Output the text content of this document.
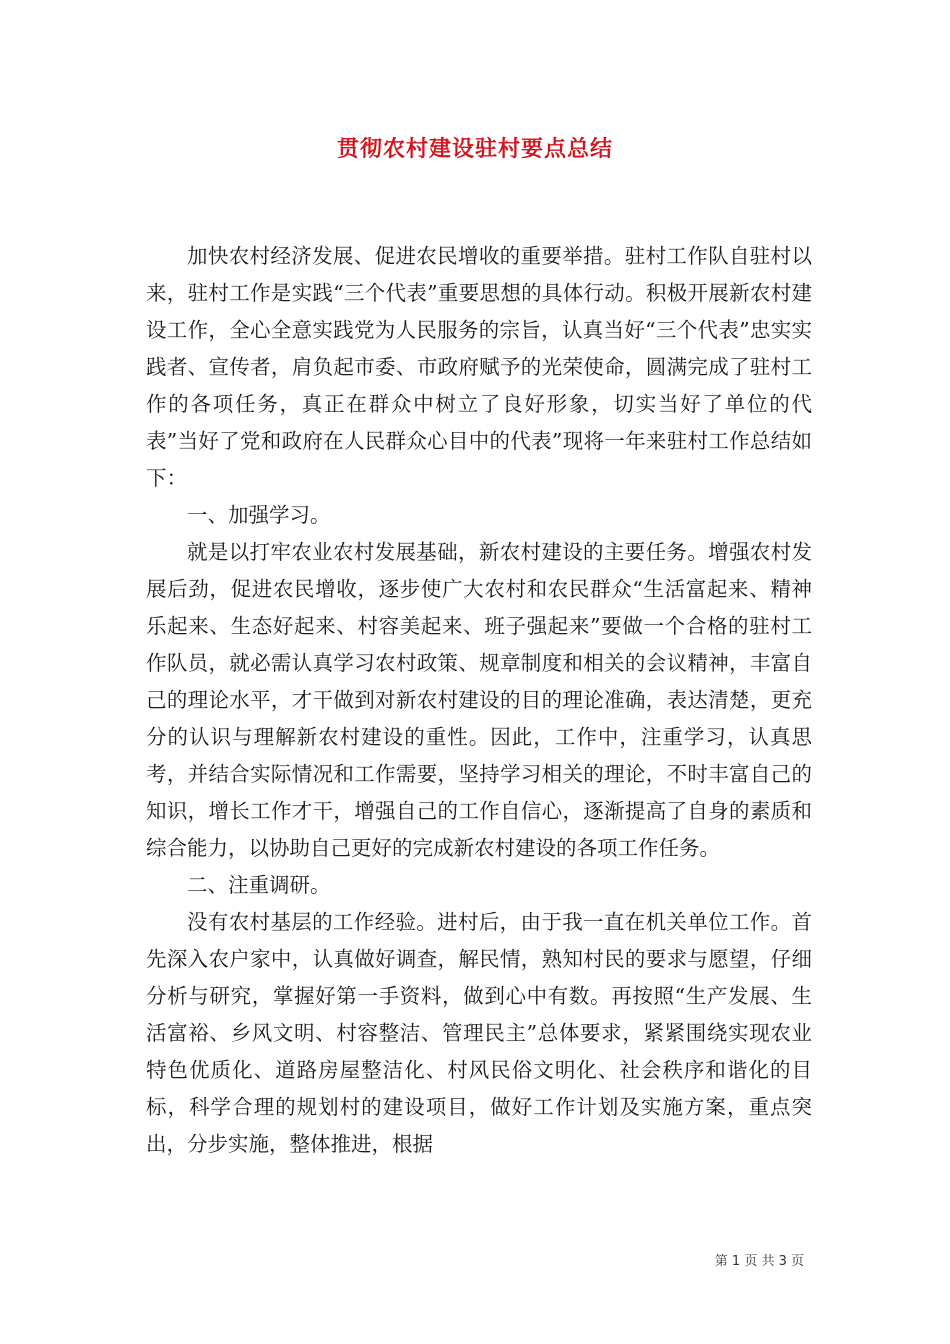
贯彻农村建设驻村要点总结

加快农村经济发展、促进农民增收的重要举措。驻村工作队自驻村以来，驻村工作是实践“三个代表”重要思想的具体行动。积极开展新农村建设工作，全心全意实践党为人民服务的宗旨，认真当好“三个代表”忠实实践者、宣传者，肩负起市委、市政府赋予的光荣使命，圆满完成了驻村工作的各项任务，真正在群众中树立了良好形象，切实当好了单位的代表”当好了党和政府在人民群众心目中的代表”现将一年来驻村工作总结如下：

一、加强学习。

就是以打牢农业农村发展基础，新农村建设的主要任务。增强农村发展后劲，促进农民增收，逐步使广大农村和农民群众“生活富起来、精神乐起来、生态好起来、村容美起来、班子强起来”要做一个合格的驻村工作队员，就必需认真学习农村政策、规章制度和相关的会议精神，丰富自己的理论水平，才干做到对新农村建设的目的理论准确，表达清楚，更充分的认识与理解新农村建设的重性。因此，工作中，注重学习，认真思考，并结合实际情况和工作需要，坚持学习相关的理论，不时丰富自己的知识，增长工作才干，增强自己的工作自信心，逐渐提高了自身的素质和综合能力，以协助自己更好的完成新农村建设的各项工作任务。

二、注重调研。

没有农村基层的工作经验。进村后，由于我一直在机关单位工作。首先深入农户家中，认真做好调查，解民情，熟知村民的要求与愿望，仔细分析与研究，掌握好第一手资料，做到心中有数。再按照“生产发展、生活富裕、乡风文明、村容整洁、管理民主”总体要求，紧紧围绕实现农业特色优质化、道路房屋整洁化、村风民俗文明化、社会秩序和谐化的目标，科学合理的规划村的建设项目，做好工作计划及实施方案，重点突出，分步实施，整体推进，根据

第 1 页 共 3 页
